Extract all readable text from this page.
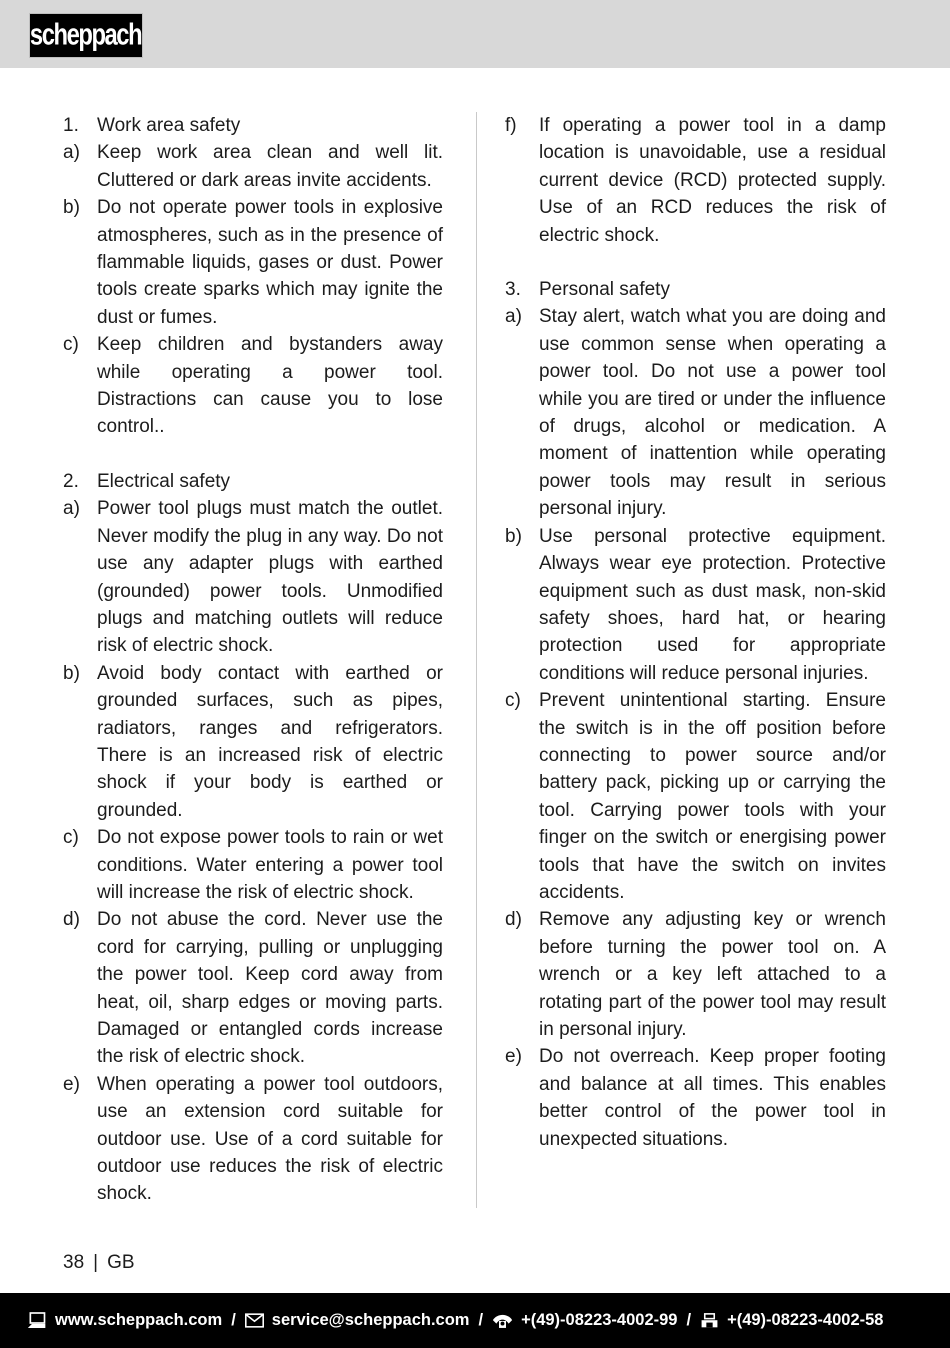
scheppach
1. Work area safety
a) Keep work area clean and well lit. Cluttered or dark areas invite accidents.
b) Do not operate power tools in explosive atmospheres, such as in the presence of flammable liquids, gases or dust. Power tools create sparks which may ignite the dust or fumes.
c) Keep children and bystanders away while operating a power tool. Distractions can cause you to lose control..
2. Electrical safety
a) Power tool plugs must match the outlet. Never modify the plug in any way. Do not use any adapter plugs with earthed (grounded) power tools. Unmodified plugs and matching outlets will reduce risk of electric shock.
b) Avoid body contact with earthed or grounded surfaces, such as pipes, radiators, ranges and refrigerators. There is an increased risk of electric shock if your body is earthed or grounded.
c) Do not expose power tools to rain or wet conditions. Water entering a power tool will increase the risk of electric shock.
d) Do not abuse the cord. Never use the cord for carrying, pulling or unplugging the power tool. Keep cord away from heat, oil, sharp edges or moving parts. Damaged or entangled cords increase the risk of electric shock.
e) When operating a power tool outdoors, use an extension cord suitable for outdoor use. Use of a cord suitable for outdoor use reduces the risk of electric shock.
f)	If operating a power tool in a damp location is unavoidable, use a residual current device (RCD) protected supply. Use of an RCD reduces the risk of electric shock.
3. Personal safety
a) Stay alert, watch what you are doing and use common sense when operating a power tool. Do not use a power tool while you are tired or under the influence of drugs, alcohol or medication. A moment of inattention while operating power tools may result in serious personal injury.
b) Use personal protective equipment. Always wear eye protection. Protective equipment such as dust mask, non-skid safety shoes, hard hat, or hearing protection used for appropriate conditions will reduce personal injuries.
c) Prevent unintentional starting. Ensure the switch is in the off position before connecting to power source and/or battery pack, picking up or carrying the tool. Carrying power tools with your finger on the switch or energising power tools that have the switch on invites accidents.
d) Remove any adjusting key or wrench before turning the power tool on. A wrench or a key left attached to a rotating part of the power tool may result in personal injury.
e) Do not overreach. Keep proper footing and balance at all times. This enables better control of the power tool in unexpected situations.
38 | GB
www.scheppach.com / service@scheppach.com / +(49)-08223-4002-99 / +(49)-08223-4002-58
